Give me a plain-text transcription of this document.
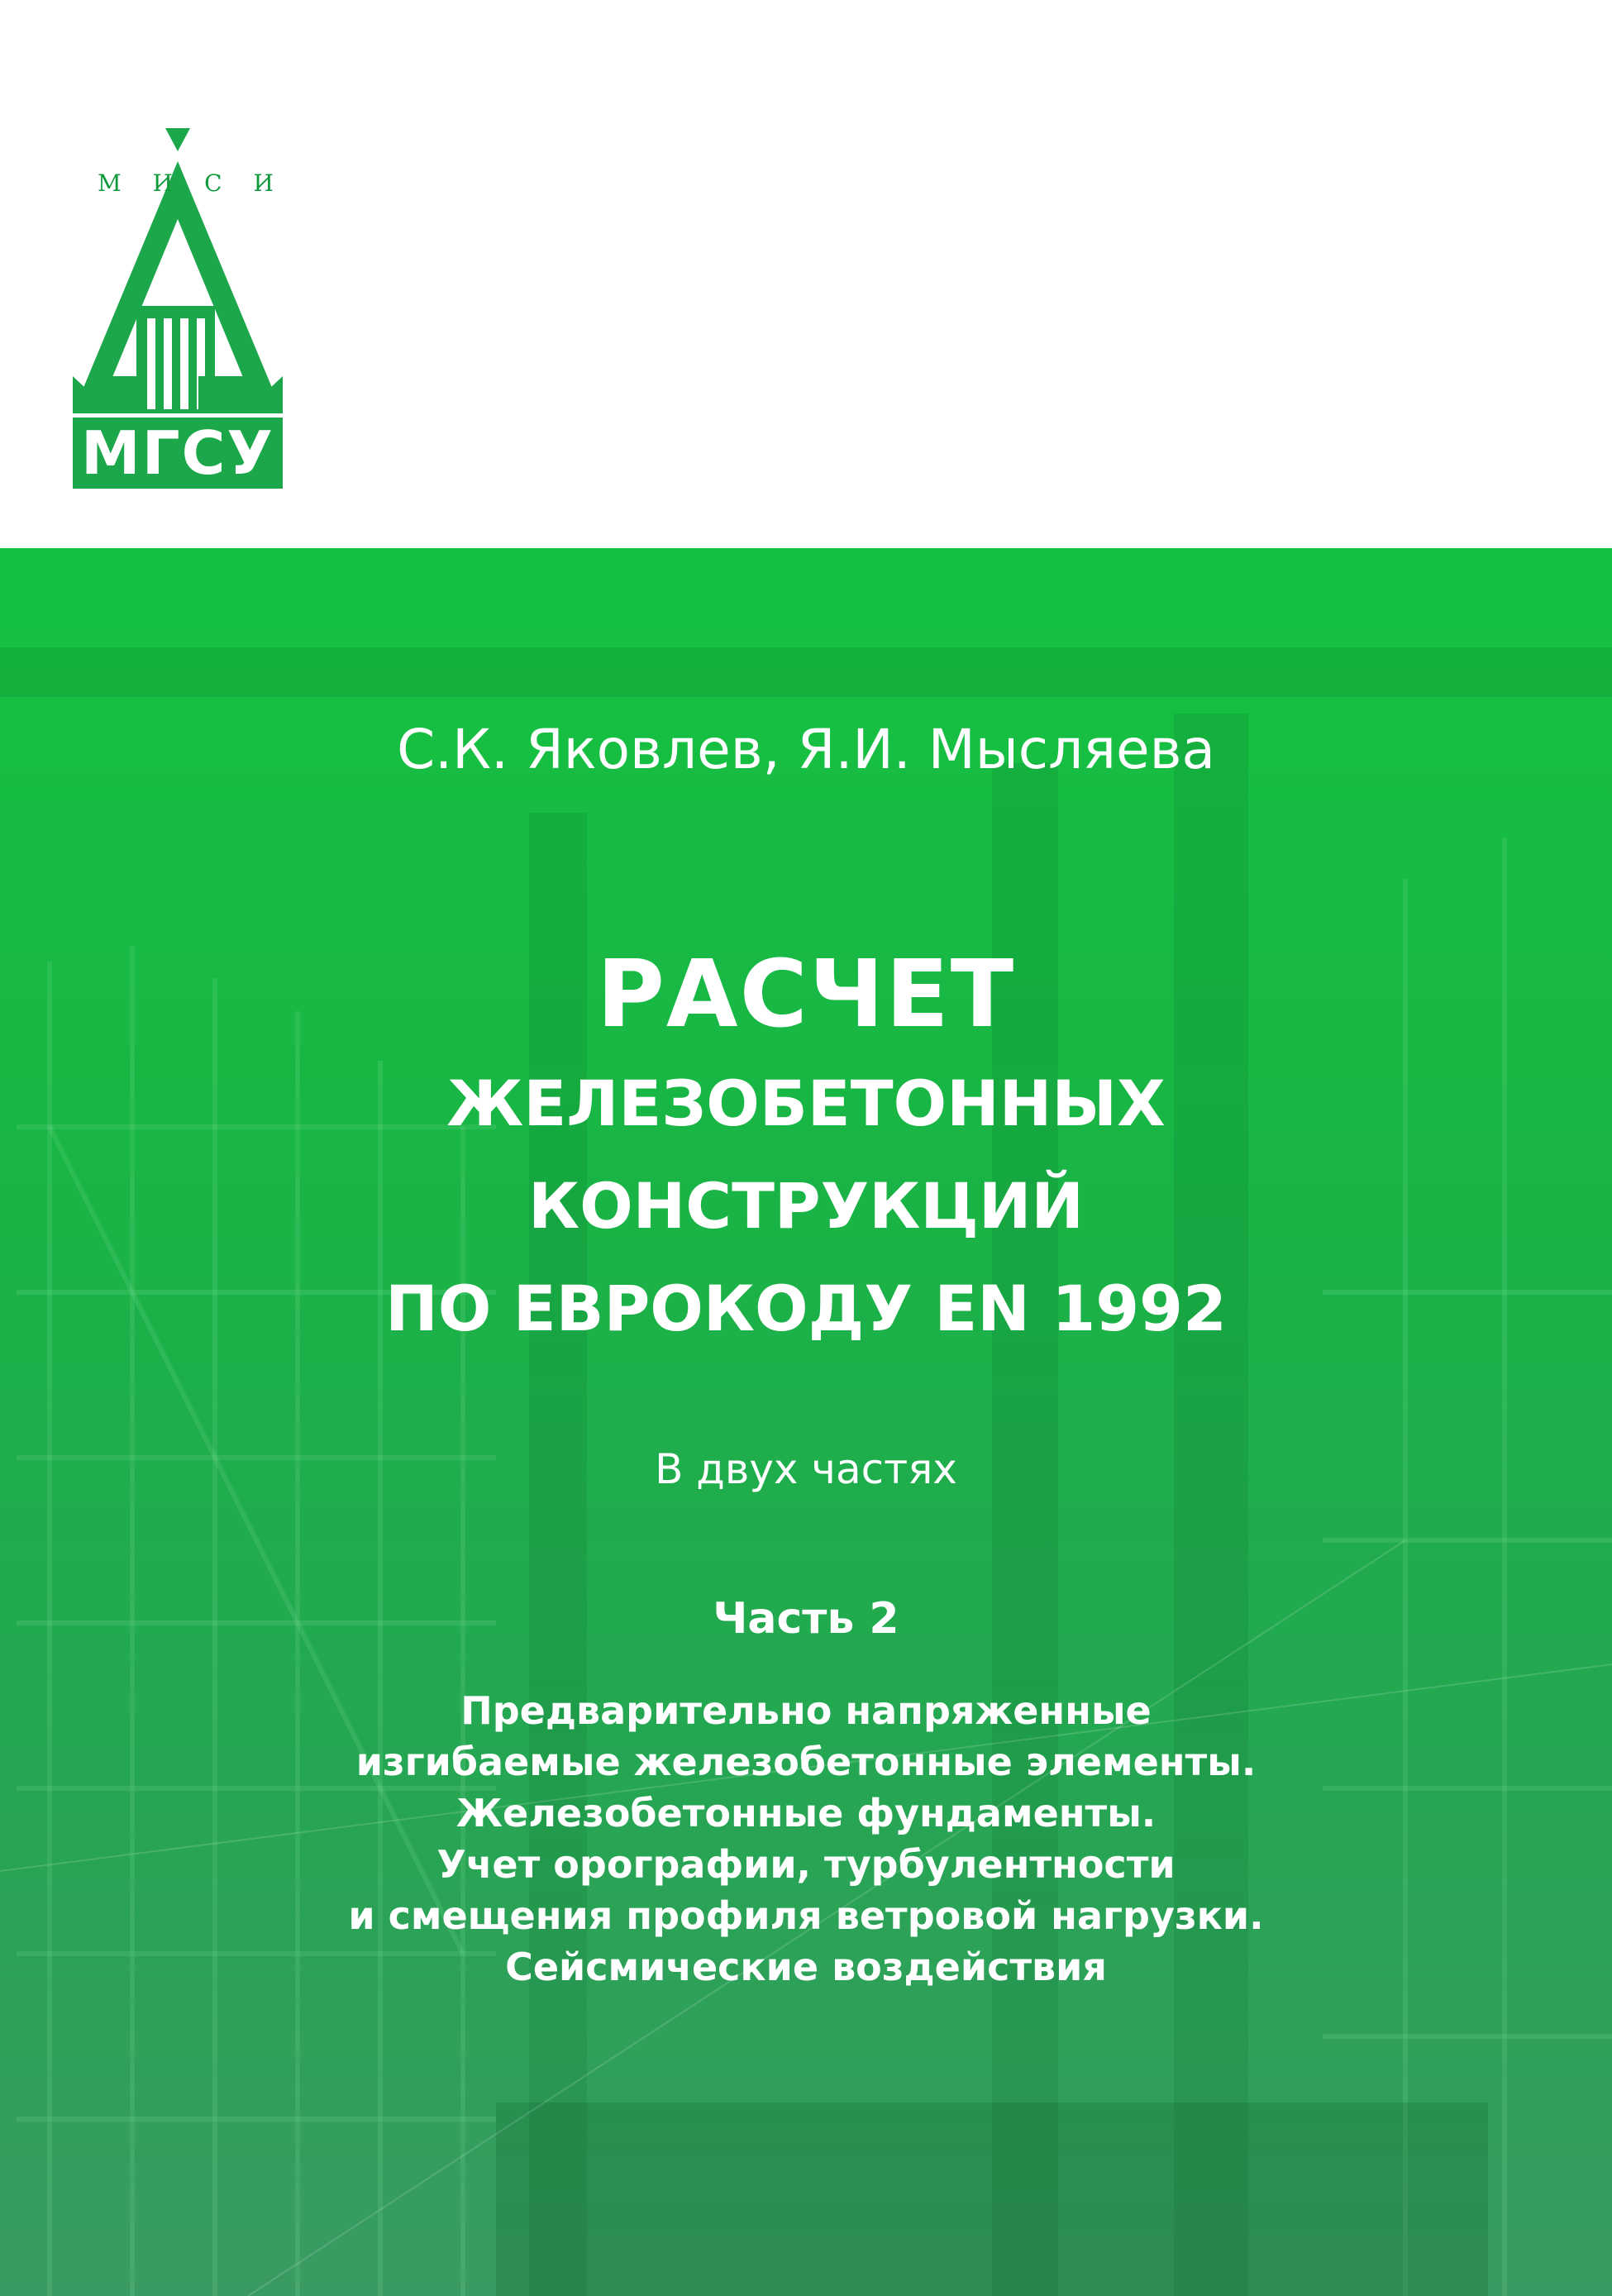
МИСИ
МГСУ
С.К. Яковлев, Я.И. Мысляева
РАСЧЕТ
ЖЕЛЕЗОБЕТОННЫХ
КОНСТРУКЦИЙ
ПО ЕВРОКОДУ EN 1992
В двух частях
Часть 2
Предварительно напряженные
изгибаемые железобетонные элементы.
Железобетонные фундаменты.
Учет орографии, турбулентности
и смещения профиля ветровой нагрузки.
Сейсмические воздействия
